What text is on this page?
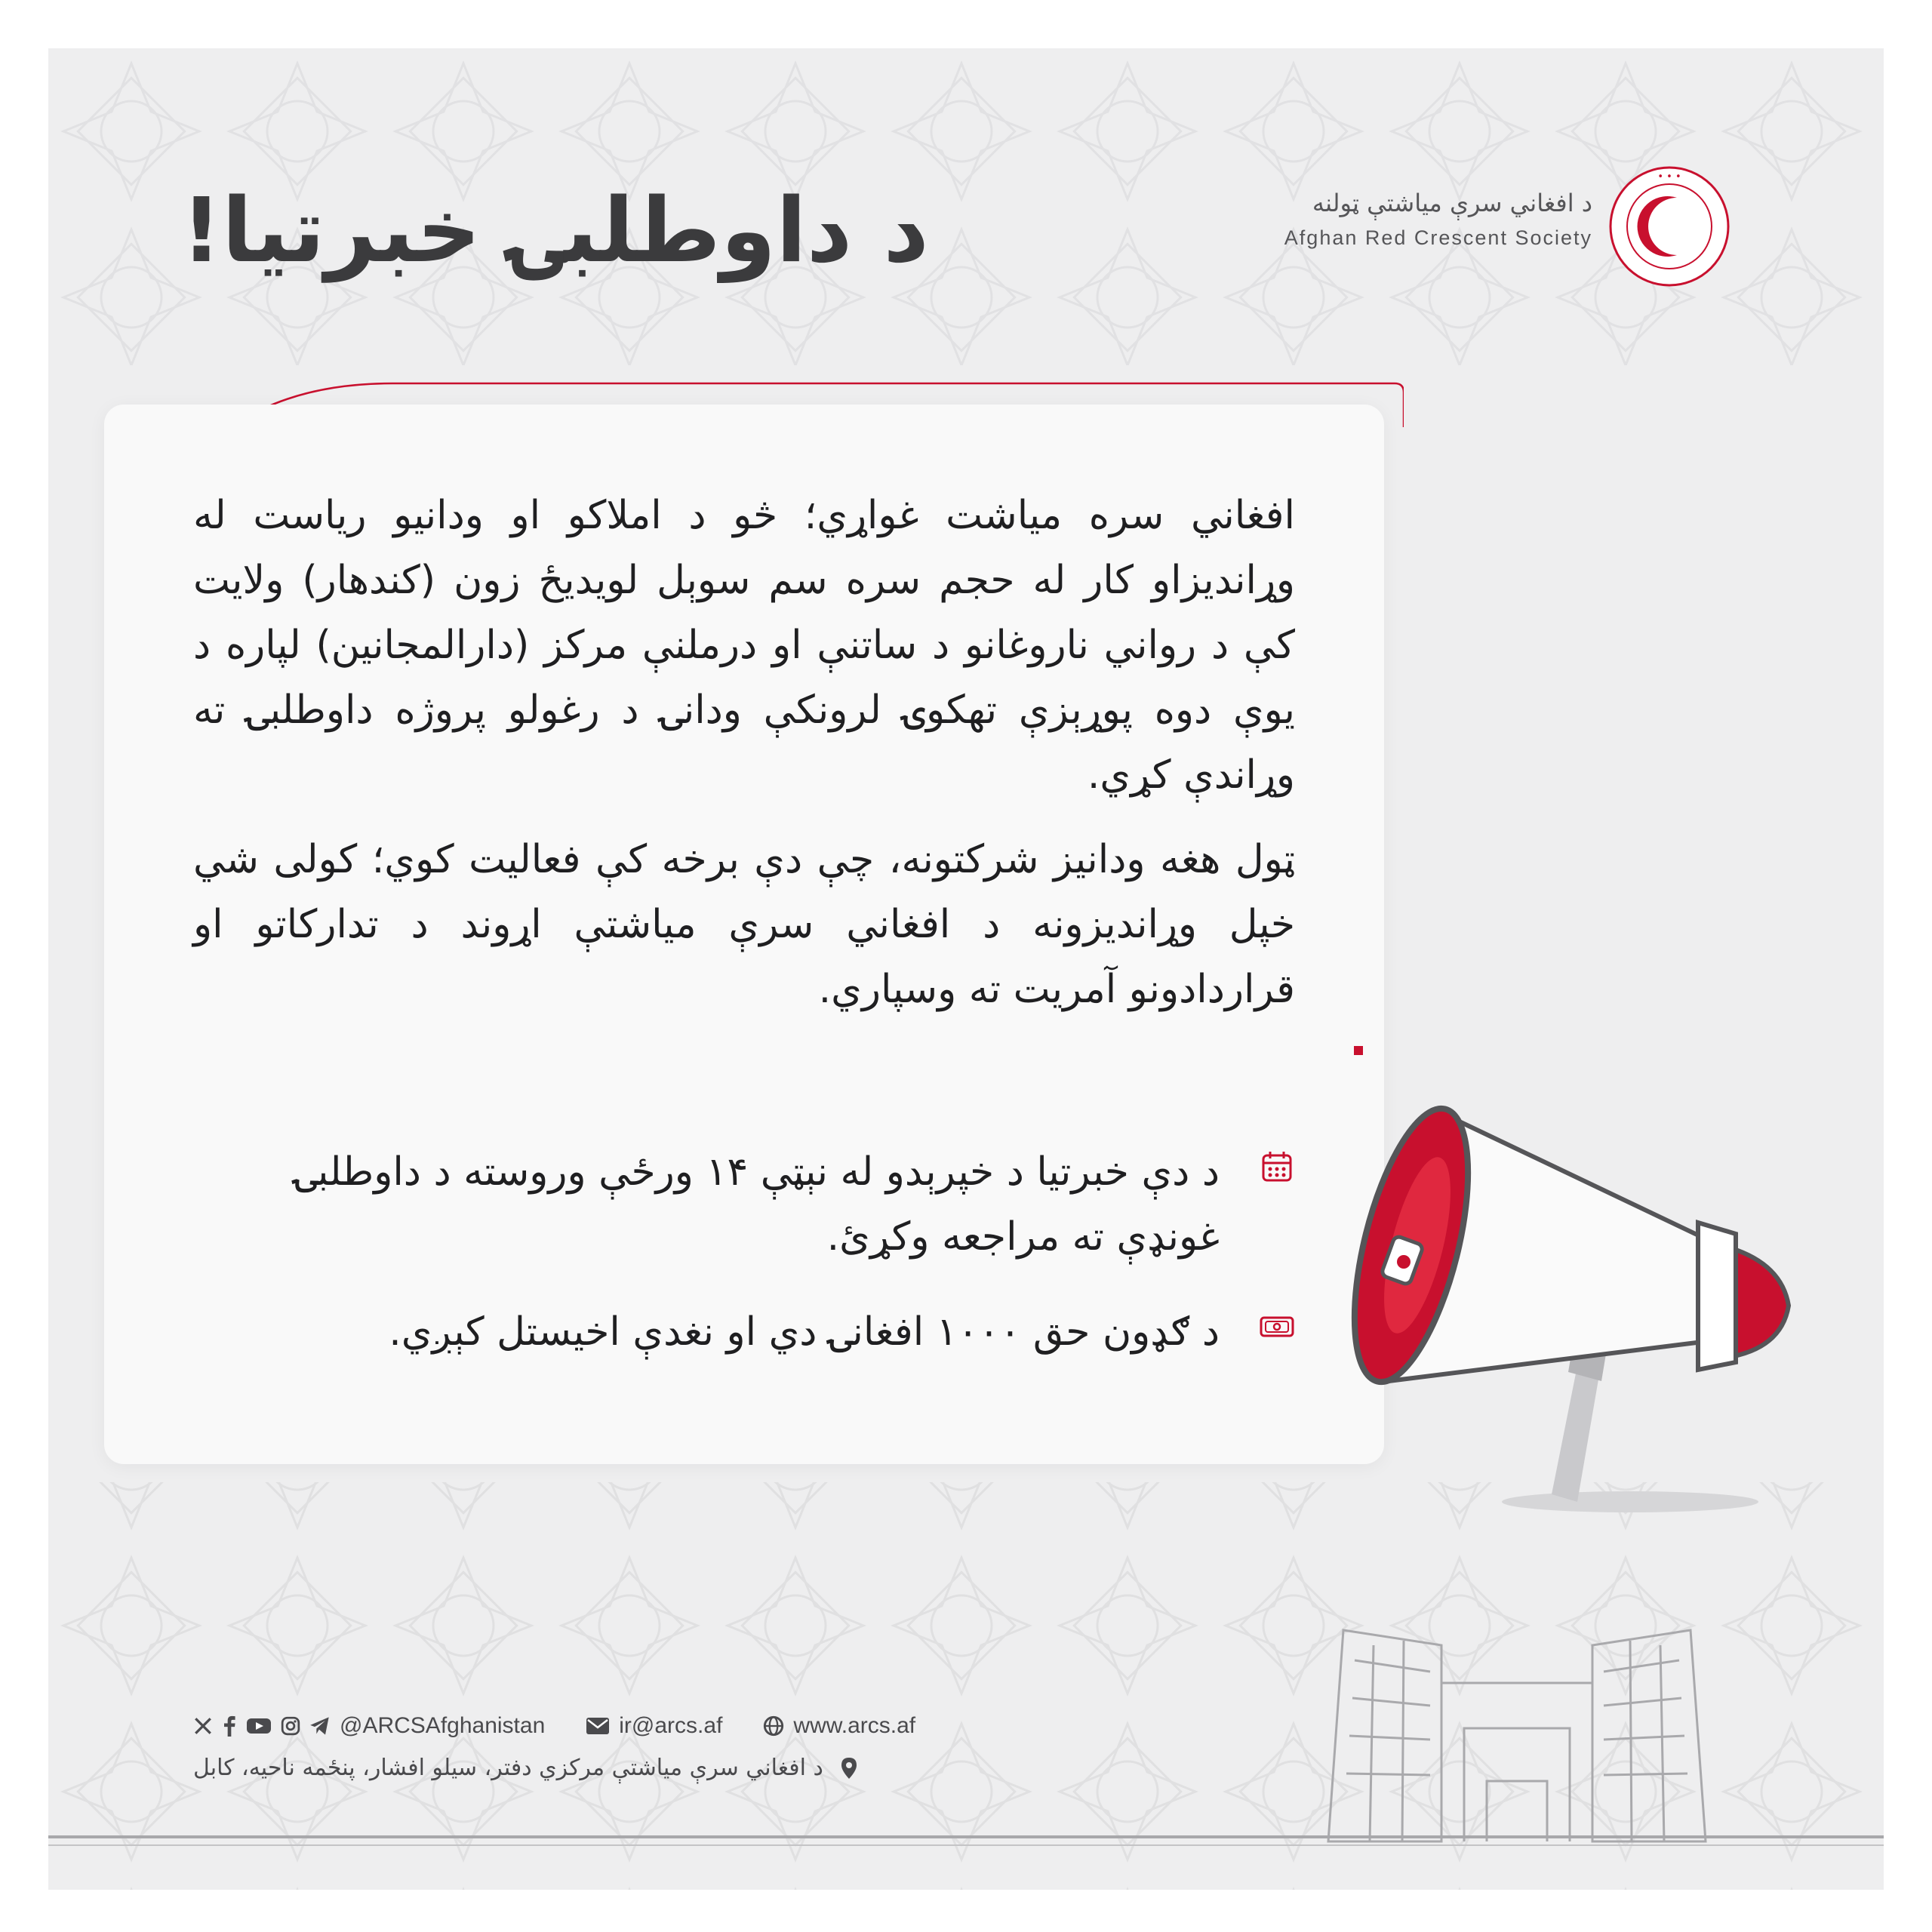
د داوطلبۍ خبرتیا!
• • •
د افغاني سرې میاشتې ټولنه
Afghan Red Crescent Society

افغاني سره میاشت غواړي؛ څو د املاکو او ودانیو ریاست له وړاندیزاو کار له حجم سره سم سوېل لویدیځ زون (کندهار) ولایت کې د رواني ناروغانو د ساتنې او درملنې مرکز (دارالمجانین) لپاره د یوې دوه پوړېزې تهکوۍ لرونکې ودانۍ د رغولو پروژه داوطلبۍ ته وړاندې کړي.

ټول هغه ودانیز شرکتونه، چې دې برخه کې فعالیت کوي؛ کولی شي خپل وړاندیزونه د افغاني سرې میاشتې اړوند د تدارکاتو او قراردادونو آمریت ته وسپاري.

د دې خبرتیا د خپرېدو له نېټې ۱۴ ورځې وروسته د داوطلبۍ غونډې ته مراجعه وکړئ.
د ګډون حق ۱۰۰۰ افغانۍ دي او نغدې اخیستل کېږي.
@ARCSAfghanistan	ir@arcs.af	www.arcs.af
د افغاني سرې میاشتې مرکزي دفتر، سیلو افشار، پنځمه ناحیه، کابل
